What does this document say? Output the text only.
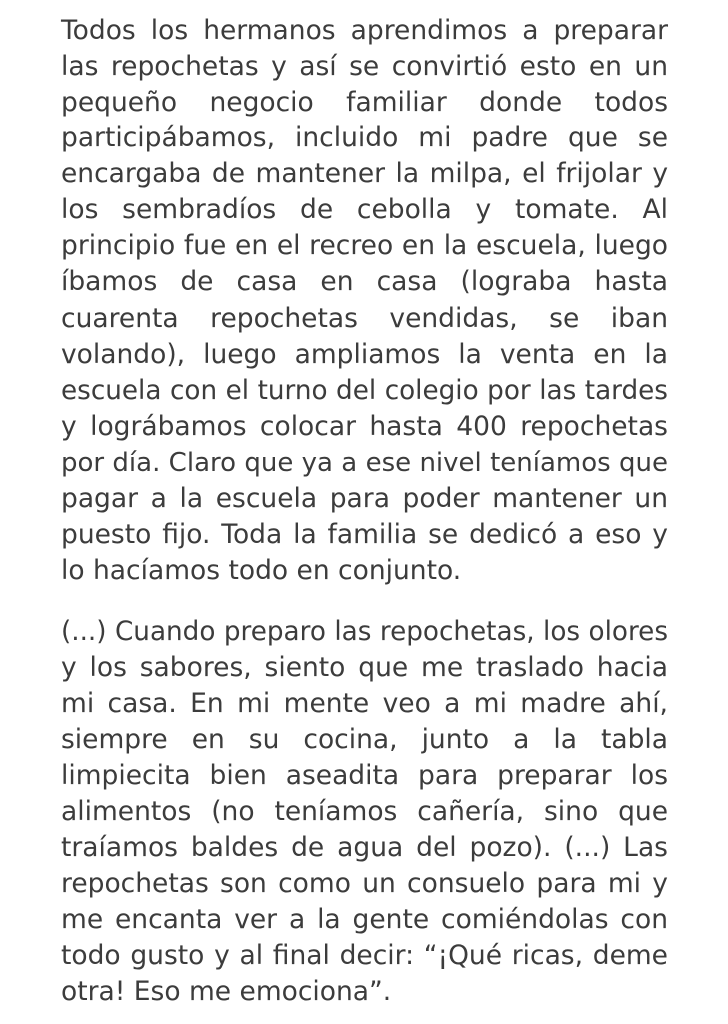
Todos los hermanos aprendimos a preparar
las repochetas y así se convirtió esto en un
pequeño negocio familiar donde todos
participábamos, incluido mi padre que se
encargaba de mantener la milpa, el frijolar y
los sembradíos de cebolla y tomate. Al
principio fue en el recreo en la escuela, luego
íbamos de casa en casa (lograba hasta
cuarenta repochetas vendidas, se iban
volando), luego ampliamos la venta en la
escuela con el turno del colegio por las tardes
y lográbamos colocar hasta 400 repochetas
por día. Claro que ya a ese nivel teníamos que
pagar a la escuela para poder mantener un
puesto fijo. Toda la familia se dedicó a eso y
lo hacíamos todo en conjunto.
(...) Cuando preparo las repochetas, los olores
y los sabores, siento que me traslado hacia
mi casa. En mi mente veo a mi madre ahí,
siempre en su cocina, junto a la tabla
limpiecita bien aseadita para preparar los
alimentos (no teníamos cañería, sino que
traíamos baldes de agua del pozo). (...) Las
repochetas son como un consuelo para mi y
me encanta ver a la gente comiéndolas con
todo gusto y al final decir: “¡Qué ricas, deme
otra! Eso me emociona”.
